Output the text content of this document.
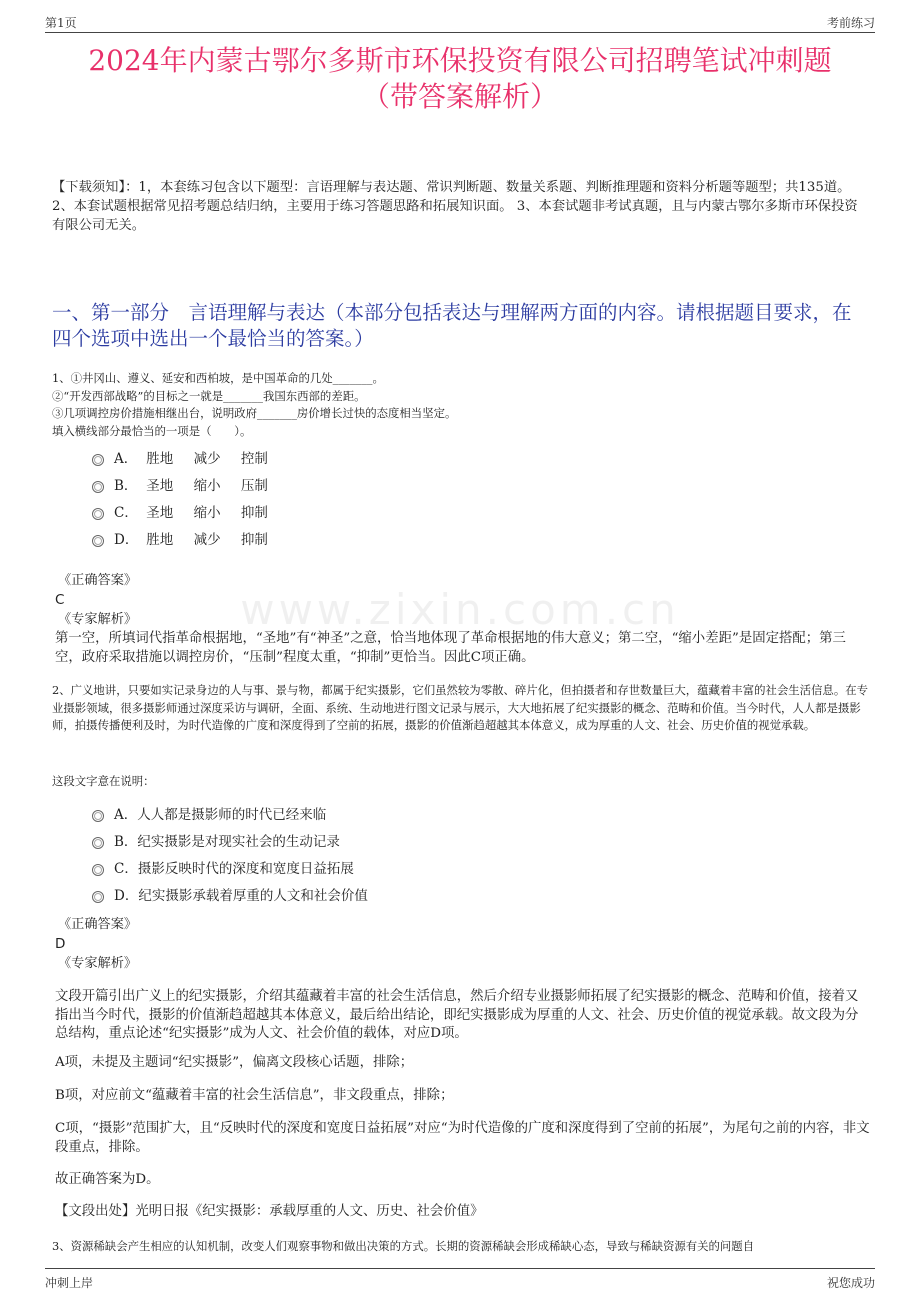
第1页	考前练习
www.zixin.com.cn
2024年内蒙古鄂尔多斯市环保投资有限公司招聘笔试冲刺题
（带答案解析）
【下载须知】：1，本套练习包含以下题型：言语理解与表达题、常识判断题、数量关系题、判断推理题和资料分析题等题型；共135道。 2、本套试题根据常见招考题总结归纳，主要用于练习答题思路和拓展知识面。 3、本套试题非考试真题，且与内蒙古鄂尔多斯市环保投资有限公司无关。
一、第一部分　言语理解与表达（本部分包括表达与理解两方面的内容。请根据题目要求，在四个选项中选出一个最恰当的答案。）
1、①井冈山、遵义、延安和西柏坡，是中国革命的几处_______。
②“开发西部战略”的目标之一就是_______我国东西部的差距。
③几项调控房价措施相继出台，说明政府_______房价增长过快的态度相当坚定。
填入横线部分最恰当的一项是（　　）。
A． 胜地 减少 控制
B． 圣地 缩小 压制
C． 圣地 缩小 抑制
D． 胜地 减少 抑制
《正确答案》
C
《专家解析》
第一空，所填词代指革命根据地，“圣地”有“神圣”之意，恰当地体现了革命根据地的伟大意义；第二空，“缩小差距”是固定搭配；第三空，政府采取措施以调控房价，“压制”程度太重，“抑制”更恰当。因此C项正确。
2、广义地讲，只要如实记录身边的人与事、景与物，都属于纪实摄影，它们虽然较为零散、碎片化，但拍摄者和存世数量巨大，蕴藏着丰富的社会生活信息。在专业摄影领域，很多摄影师通过深度采访与调研，全面、系统、生动地进行图文记录与展示，大大地拓展了纪实摄影的概念、范畴和价值。当今时代，人人都是摄影师，拍摄传播便利及时，为时代造像的广度和深度得到了空前的拓展，摄影的价值渐趋超越其本体意义，成为厚重的人文、社会、历史价值的视觉承载。
这段文字意在说明：
A．人人都是摄影师的时代已经来临
B．纪实摄影是对现实社会的生动记录
C．摄影反映时代的深度和宽度日益拓展
D．纪实摄影承载着厚重的人文和社会价值
《正确答案》
D
《专家解析》
文段开篇引出广义上的纪实摄影，介绍其蕴藏着丰富的社会生活信息，然后介绍专业摄影师拓展了纪实摄影的概念、范畴和价值，接着又指出当今时代，摄影的价值渐趋超越其本体意义，最后给出结论，即纪实摄影成为厚重的人文、社会、历史价值的视觉承载。故文段为分总结构，重点论述“纪实摄影”成为人文、社会价值的载体，对应D项。
A项，未提及主题词“纪实摄影”，偏离文段核心话题，排除；
B项，对应前文“蕴藏着丰富的社会生活信息”，非文段重点，排除；
C项，“摄影”范围扩大，且“反映时代的深度和宽度日益拓展”对应“为时代造像的广度和深度得到了空前的拓展”，为尾句之前的内容，非文段重点，排除。
故正确答案为D。
【文段出处】光明日报《纪实摄影：承载厚重的人文、历史、社会价值》
3、资源稀缺会产生相应的认知机制，改变人们观察事物和做出决策的方式。长期的资源稀缺会形成稀缺心态，导致与稀缺资源有关的问题自
冲刺上岸	祝您成功
